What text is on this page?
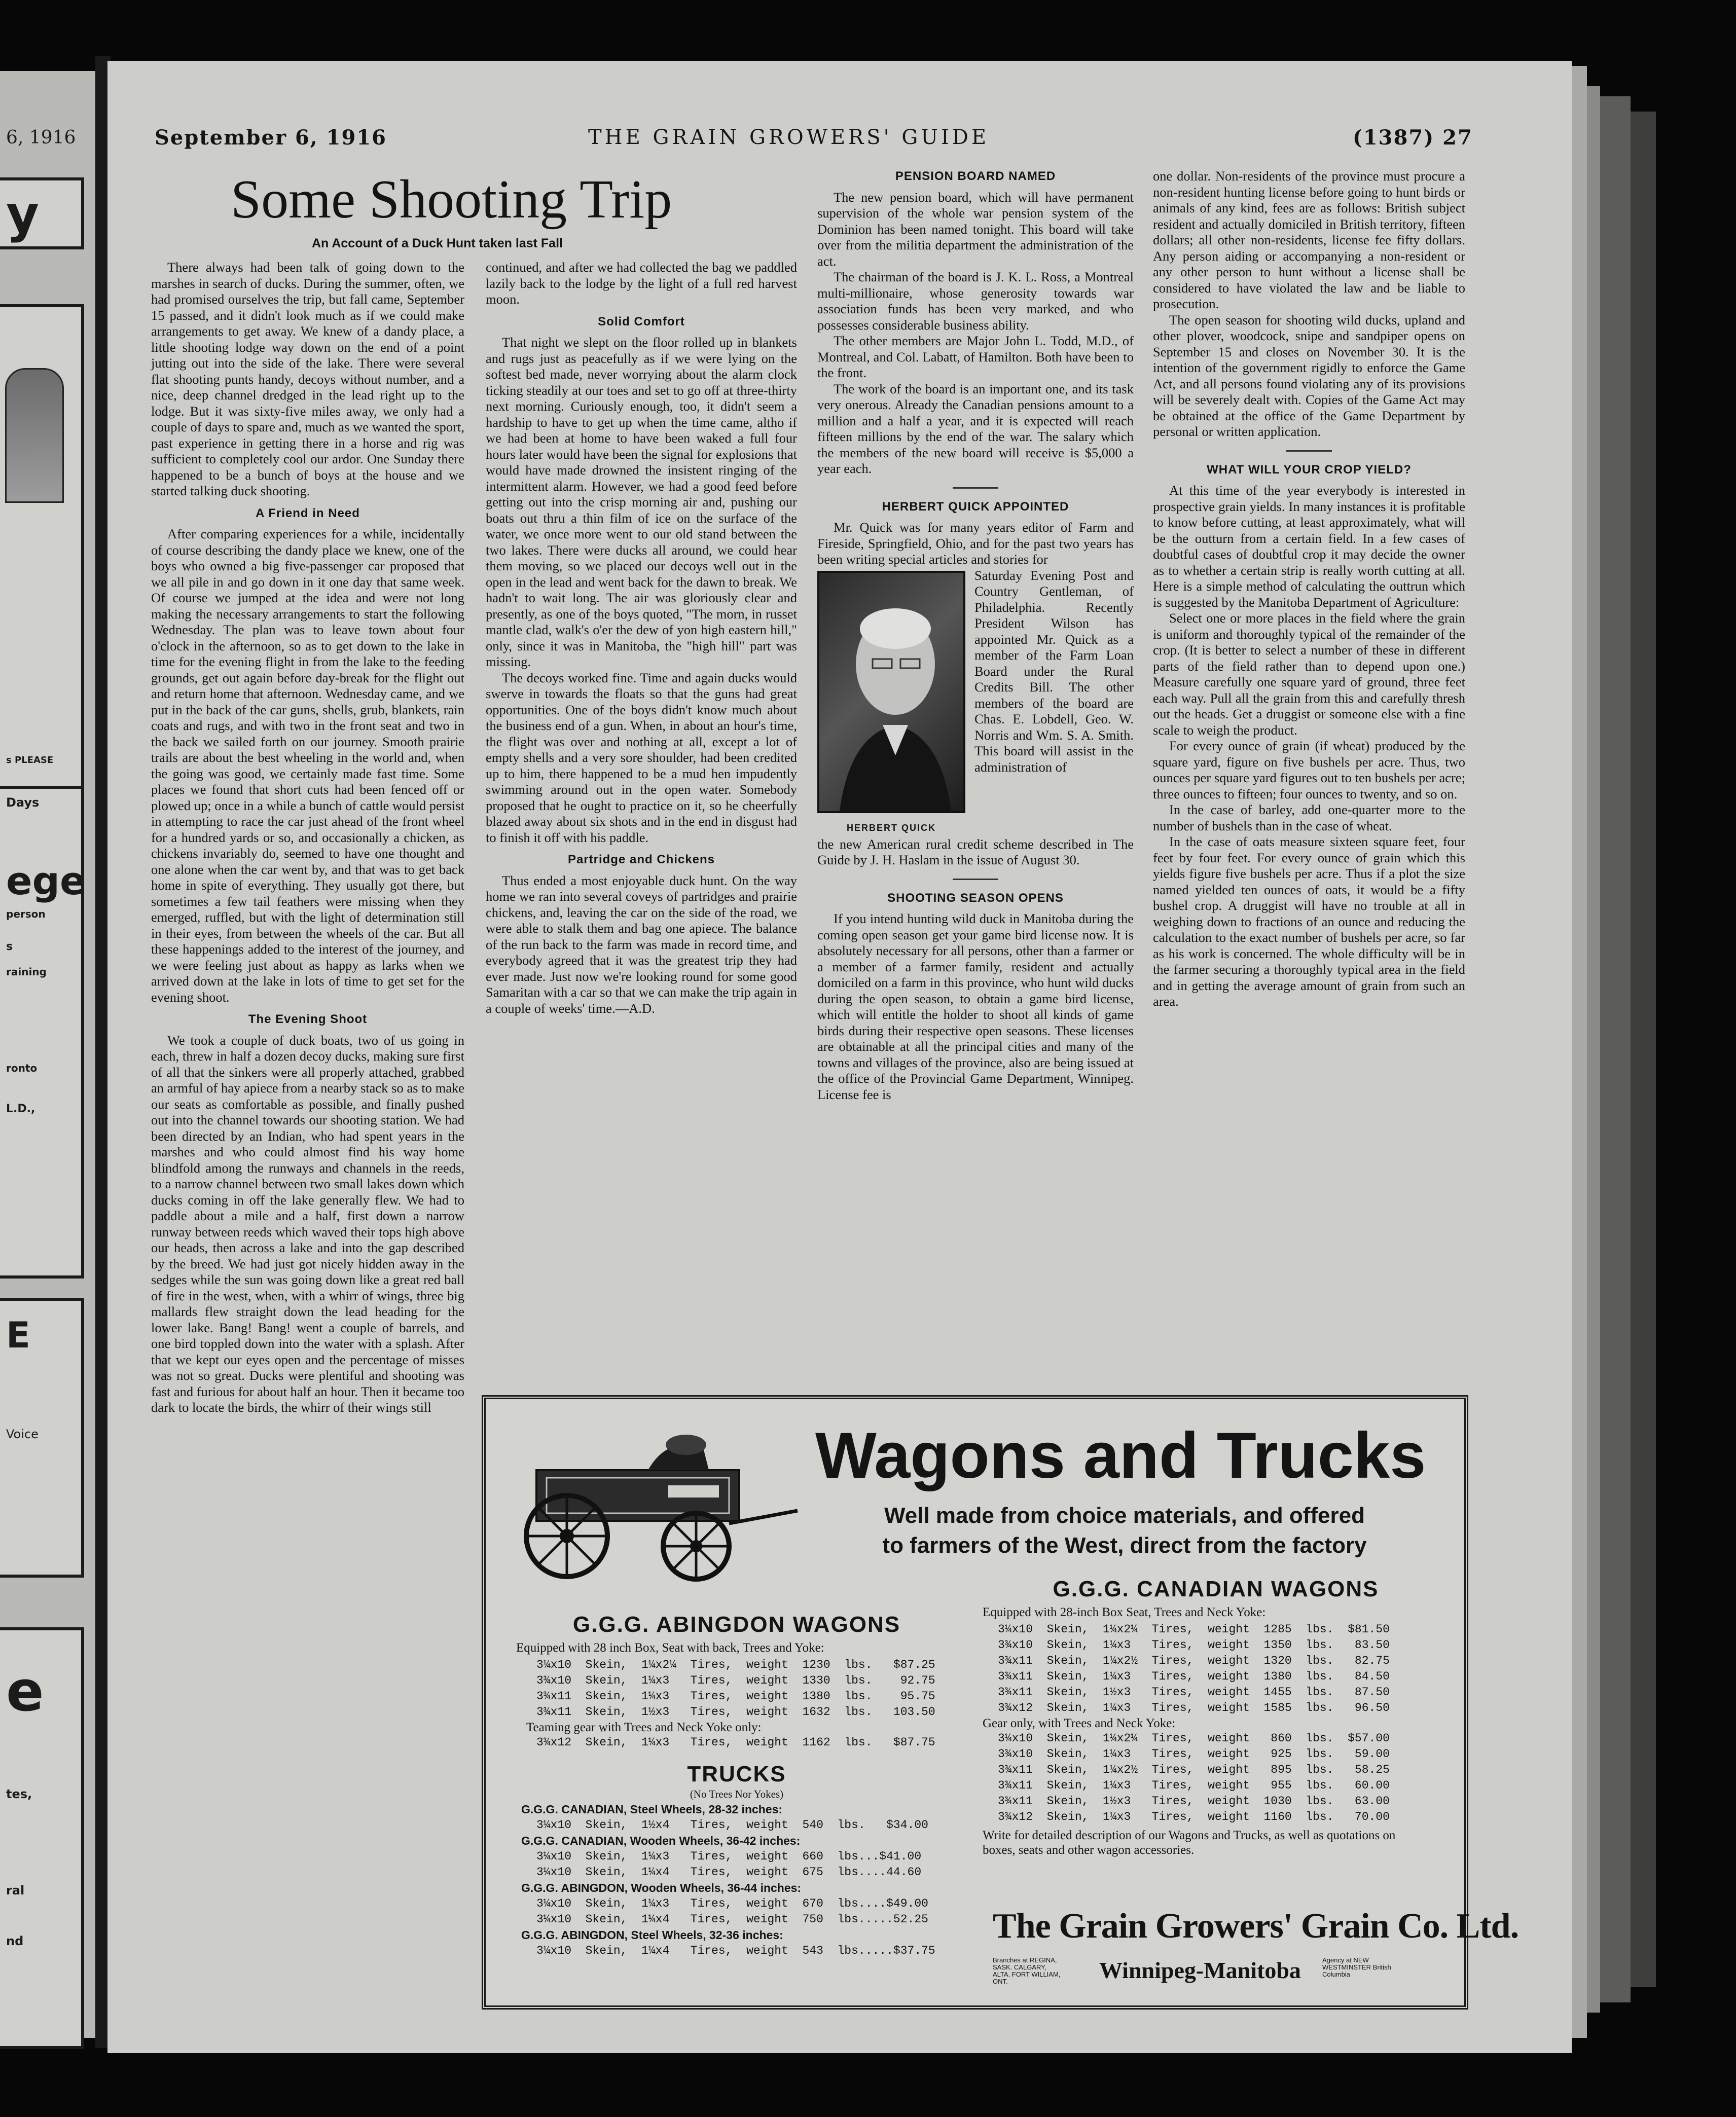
6, 1916
y
s PLEASE
Days
ege
person
s
raining
ronto
L.D.,
E
Voice
e
tes,
ral
nd
September 6, 1916	THE GRAIN GROWERS' GUIDE	(1387) 27
Some Shooting Trip
An Account of a Duck Hunt taken last Fall

There always had been talk of going down to the marshes in search of ducks. During the summer, often, we had promised ourselves the trip, but fall came, September 15 passed, and it didn't look much as if we could make arrangements to get away. We knew of a dandy place, a little shooting lodge way down on the end of a point jutting out into the side of the lake. There were several flat shooting punts handy, decoys without number, and a nice, deep channel dredged in the lead right up to the lodge. But it was sixty-five miles away, we only had a couple of days to spare and, much as we wanted the sport, past experience in getting there in a horse and rig was sufficient to completely cool our ardor. One Sunday there happened to be a bunch of boys at the house and we started talking duck shooting.

A Friend in Need

After comparing experiences for a while, incidentally of course describing the dandy place we knew, one of the boys who owned a big five-passenger car proposed that we all pile in and go down in it one day that same week. Of course we jumped at the idea and were not long making the necessary arrangements to start the following Wednesday. The plan was to leave town about four o'clock in the afternoon, so as to get down to the lake in time for the evening flight in from the lake to the feeding grounds, get out again before day-break for the flight out and return home that afternoon. Wednesday came, and we put in the back of the car guns, shells, grub, blankets, rain coats and rugs, and with two in the front seat and two in the back we sailed forth on our journey. Smooth prairie trails are about the best wheeling in the world and, when the going was good, we certainly made fast time. Some places we found that short cuts had been fenced off or plowed up; once in a while a bunch of cattle would persist in attempting to race the car just ahead of the front wheel for a hundred yards or so, and occasionally a chicken, as chickens invariably do, seemed to have one thought and one alone when the car went by, and that was to get back home in spite of everything. They usually got there, but sometimes a few tail feathers were missing when they emerged, ruffled, but with the light of determination still in their eyes, from between the wheels of the car. But all these happenings added to the interest of the journey, and we were feeling just about as happy as larks when we arrived down at the lake in lots of time to get set for the evening shoot.

The Evening Shoot

We took a couple of duck boats, two of us going in each, threw in half a dozen decoy ducks, making sure first of all that the sinkers were all properly attached, grabbed an armful of hay apiece from a nearby stack so as to make our seats as comfortable as possible, and finally pushed out into the channel towards our shooting station. We had been directed by an Indian, who had spent years in the marshes and who could almost find his way home blindfold among the runways and channels in the reeds, to a narrow channel between two small lakes down which ducks coming in off the lake generally flew. We had to paddle about a mile and a half, first down a narrow runway between reeds which waved their tops high above our heads, then across a lake and into the gap described by the breed. We had just got nicely hidden away in the sedges while the sun was going down like a great red ball of fire in the west, when, with a whirr of wings, three big mallards flew straight down the lead heading for the lower lake. Bang! Bang! went a couple of barrels, and one bird toppled down into the water with a splash. After that we kept our eyes open and the percentage of misses was not so great. Ducks were plentiful and shooting was fast and furious for about half an hour. Then it became too dark to locate the birds, the whirr of their wings still

continued, and after we had collected the bag we paddled lazily back to the lodge by the light of a full red harvest moon.

Solid Comfort

That night we slept on the floor rolled up in blankets and rugs just as peacefully as if we were lying on the softest bed made, never worrying about the alarm clock ticking steadily at our toes and set to go off at three-thirty next morning. Curiously enough, too, it didn't seem a hardship to have to get up when the time came, altho if we had been at home to have been waked a full four hours later would have been the signal for explosions that would have made drowned the insistent ringing of the intermittent alarm. However, we had a good feed before getting out into the crisp morning air and, pushing our boats out thru a thin film of ice on the surface of the water, we once more went to our old stand between the two lakes. There were ducks all around, we could hear them moving, so we placed our decoys well out in the open in the lead and went back for the dawn to break. We hadn't to wait long. The air was gloriously clear and presently, as one of the boys quoted, "The morn, in russet mantle clad, walk's o'er the dew of yon high eastern hill," only, since it was in Manitoba, the "high hill" part was missing.

The decoys worked fine. Time and again ducks would swerve in towards the floats so that the guns had great opportunities. One of the boys didn't know much about the business end of a gun. When, in about an hour's time, the flight was over and nothing at all, except a lot of empty shells and a very sore shoulder, had been credited up to him, there happened to be a mud hen impudently swimming around out in the open water. Somebody proposed that he ought to practice on it, so he cheerfully blazed away about six shots and in the end in disgust had to finish it off with his paddle.

Partridge and Chickens

Thus ended a most enjoyable duck hunt. On the way home we ran into several coveys of partridges and prairie chickens, and, leaving the car on the side of the road, we were able to stalk them and bag one apiece. The balance of the run back to the farm was made in record time, and everybody agreed that it was the greatest trip they had ever made. Just now we're looking round for some good Samaritan with a car so that we can make the trip again in a couple of weeks' time.—A.D.

PENSION BOARD NAMED

The new pension board, which will have permanent supervision of the whole war pension system of the Dominion has been named tonight. This board will take over from the militia department the administration of the act.

The chairman of the board is J. K. L. Ross, a Montreal multi-millionaire, whose generosity towards war association funds has been very marked, and who possesses considerable business ability.

The other members are Major John L. Todd, M.D., of Montreal, and Col. Labatt, of Hamilton. Both have been to the front.

The work of the board is an important one, and its task very onerous. Already the Canadian pensions amount to a million and a half a year, and it is expected will reach fifteen millions by the end of the war. The salary which the members of the new board will receive is $5,000 a year each.

HERBERT QUICK APPOINTED

Mr. Quick was for many years editor of Farm and Fireside, Springfield, Ohio, and for the past two years has been writing special articles and stories for

HERBERT QUICK

Saturday Evening Post and Country Gentleman, of Philadelphia. Recently President Wilson has appointed Mr. Quick as a member of the Farm Loan Board under the Rural Credits Bill. The other members of the board are Chas. E. Lobdell, Geo. W. Norris and Wm. S. A. Smith. This board will assist in the administration of

the new American rural credit scheme described in The Guide by J. H. Haslam in the issue of August 30.

SHOOTING SEASON OPENS

If you intend hunting wild duck in Manitoba during the coming open season get your game bird license now. It is absolutely necessary for all persons, other than a farmer or a member of a farmer family, resident and actually domiciled on a farm in this province, who hunt wild ducks during the open season, to obtain a game bird license, which will entitle the holder to shoot all kinds of game birds during their respective open seasons. These licenses are obtainable at all the principal cities and many of the towns and villages of the province, also are being issued at the office of the Provincial Game Department, Winnipeg. License fee is

one dollar. Non-residents of the province must procure a non-resident hunting license before going to hunt birds or animals of any kind, fees are as follows: British subject resident and actually domiciled in British territory, fifteen dollars; all other non-residents, license fee fifty dollars. Any person aiding or accompanying a non-resident or any other person to hunt without a license shall be considered to have violated the law and be liable to prosecution.

The open season for shooting wild ducks, upland and other plover, woodcock, snipe and sandpiper opens on September 15 and closes on November 30. It is the intention of the government rigidly to enforce the Game Act, and all persons found violating any of its provisions will be severely dealt with. Copies of the Game Act may be obtained at the office of the Game Department by personal or written application.

WHAT WILL YOUR CROP YIELD?

At this time of the year everybody is interested in prospective grain yields. In many instances it is profitable to know before cutting, at least approximately, what will be the outturn from a certain field. In a few cases of doubtful cases of doubtful crop it may decide the owner as to whether a certain strip is really worth cutting at all. Here is a simple method of calculating the outtrun which is suggested by the Manitoba Department of Agriculture:

Select one or more places in the field where the grain is uniform and thoroughly typical of the remainder of the crop. (It is better to select a number of these in different parts of the field rather than to depend upon one.) Measure carefully one square yard of ground, three feet each way. Pull all the grain from this and carefully thresh out the heads. Get a druggist or someone else with a fine scale to weigh the product.

For every ounce of grain (if wheat) produced by the square yard, figure on five bushels per acre. Thus, two ounces per square yard figures out to ten bushels per acre; three ounces to fifteen; four ounces to twenty, and so on.

In the case of barley, add one-quarter more to the number of bushels than in the case of wheat.

In the case of oats measure sixteen square feet, four feet by four feet. For every ounce of grain which this yields figure five bushels per acre. Thus if a plot the size named yielded ten ounces of oats, it would be a fifty bushel crop. A druggist will have no trouble at all in weighing down to fractions of an ounce and reducing the calculation to the exact number of bushels per acre, so far as his work is concerned. The whole difficulty will be in the farmer securing a thoroughly typical area in the field and in getting the average amount of grain from such an area.

Wagons and Trucks
Well made from choice materials, and offered
to farmers of the West, direct from the factory
G.G.G. ABINGDON WAGONS
Equipped with 28 inch Box, Seat with back, Trees and Yoke:
3¼x10  Skein,  1¼x2¼  Tires,  weight  1230  lbs.   $87.25
3¾x10  Skein,  1¼x3   Tires,  weight  1330  lbs.    92.75
3¾x11  Skein,  1¼x3   Tires,  weight  1380  lbs.    95.75
3¾x11  Skein,  1½x3   Tires,  weight  1632  lbs.   103.50
Teaming gear with Trees and Neck Yoke only:
3¾x12  Skein,  1¼x3   Tires,  weight  1162  lbs.   $87.75
TRUCKS
(No Trees Nor Yokes)
G.G.G. CANADIAN, Steel Wheels, 28-32 inches:
3¼x10  Skein,  1½x4   Tires,  weight  540  lbs.   $34.00
G.G.G. CANADIAN, Wooden Wheels, 36-42 inches:
3¼x10  Skein,  1¼x3   Tires,  weight  660  lbs...$41.00
3¼x10  Skein,  1¼x4   Tires,  weight  675  lbs....44.60
G.G.G. ABINGDON, Wooden Wheels, 36-44 inches:
3¼x10  Skein,  1¼x3   Tires,  weight  670  lbs....$49.00
3¼x10  Skein,  1¼x4   Tires,  weight  750  lbs.....52.25
G.G.G. ABINGDON, Steel Wheels, 32-36 inches:
3¼x10  Skein,  1¼x4   Tires,  weight  543  lbs.....$37.75
G.G.G. CANADIAN WAGONS
Equipped with 28-inch Box Seat, Trees and Neck Yoke:
3¼x10  Skein,  1¼x2¼  Tires,  weight  1285  lbs.  $81.50
3¾x10  Skein,  1¼x3   Tires,  weight  1350  lbs.   83.50
3¾x11  Skein,  1¼x2½  Tires,  weight  1320  lbs.   82.75
3¾x11  Skein,  1¼x3   Tires,  weight  1380  lbs.   84.50
3¾x11  Skein,  1½x3   Tires,  weight  1455  lbs.   87.50
3¾x12  Skein,  1¼x3   Tires,  weight  1585  lbs.   96.50
Gear only, with Trees and Neck Yoke:
3¼x10  Skein,  1¼x2¼  Tires,  weight   860  lbs.  $57.00
3¾x10  Skein,  1¼x3   Tires,  weight   925  lbs.   59.00
3¾x11  Skein,  1¼x2½  Tires,  weight   895  lbs.   58.25
3¾x11  Skein,  1¼x3   Tires,  weight   955  lbs.   60.00
3¾x11  Skein,  1½x3   Tires,  weight  1030  lbs.   63.00
3¾x12  Skein,  1¼x3   Tires,  weight  1160  lbs.   70.00
Write for detailed description of our Wagons and Trucks, as well as quotations on boxes, seats and other wagon accessories.
The Grain Growers' Grain Co. Ltd.
Branches at REGINA, SASK. CALGARY, ALTA. FORT WILLIAM, ONT.	Winnipeg-Manitoba	Agency at NEW WESTMINSTER British Columbia
